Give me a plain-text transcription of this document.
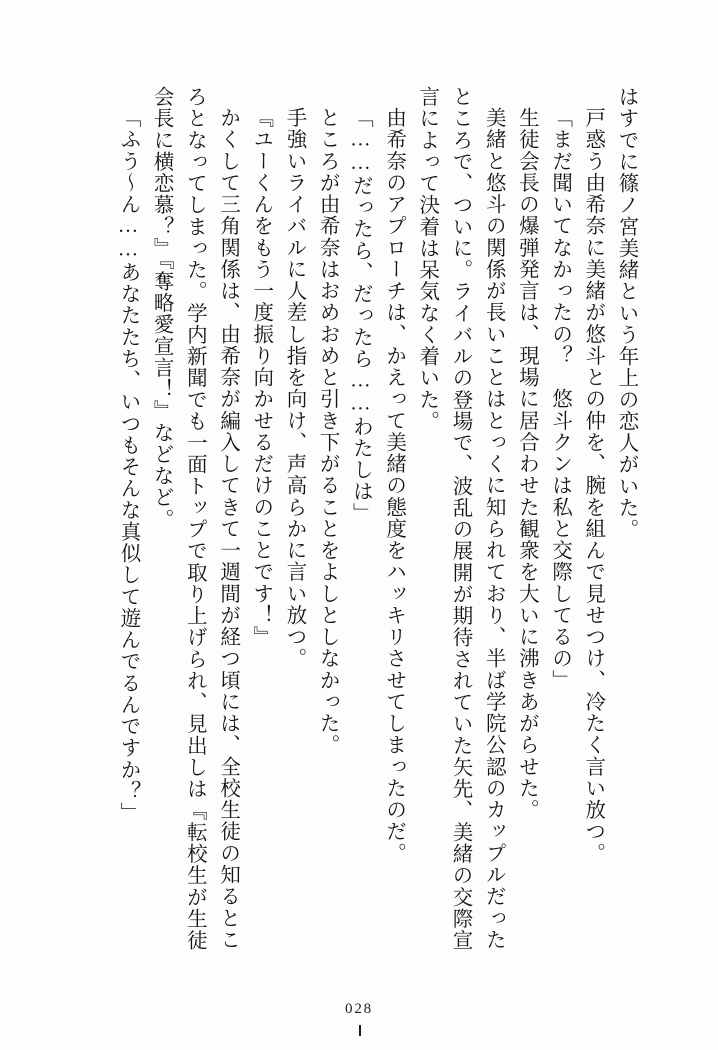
はすでに篠ノ宮美緒という年上の恋人がいた。

戸惑う由希奈に美緒が悠斗との仲を、腕を組んで見せつけ、冷たく言い放つ。

「まだ聞いてなかったの？　悠斗クンは私と交際してるの」

生徒会長の爆弾発言は、現場に居合わせた観衆を大いに沸きあがらせた。

美緒と悠斗の関係が長いことはとっくに知られており、半ば学院公認のカップルだったところで、ついに。ライバルの登場で、波乱の展開が期待されていた矢先、美緒の交際宣言によって決着は呆気なく着いた。

由希奈のアプローチは、かえって美緒の態度をハッキリさせてしまったのだ。

「……だったら、だったら……わたしは」

ところが由希奈はおめおめと引き下がることをよしとしなかった。

手強いライバルに人差し指を向け、声高らかに言い放つ。

『ユーくんをもう一度振り向かせるだけのことです！』

かくして三角関係は、由希奈が編入してきて一週間が経つ頃には、全校生徒の知るところとなってしまった。学内新聞でも一面トップで取り上げられ、見出しは『転校生が生徒会長に横恋慕？』『奪略愛宣言！』などなど。

「ふう～ん……あなたたち、いつもそんな真似して遊んでるんですか？」

028
